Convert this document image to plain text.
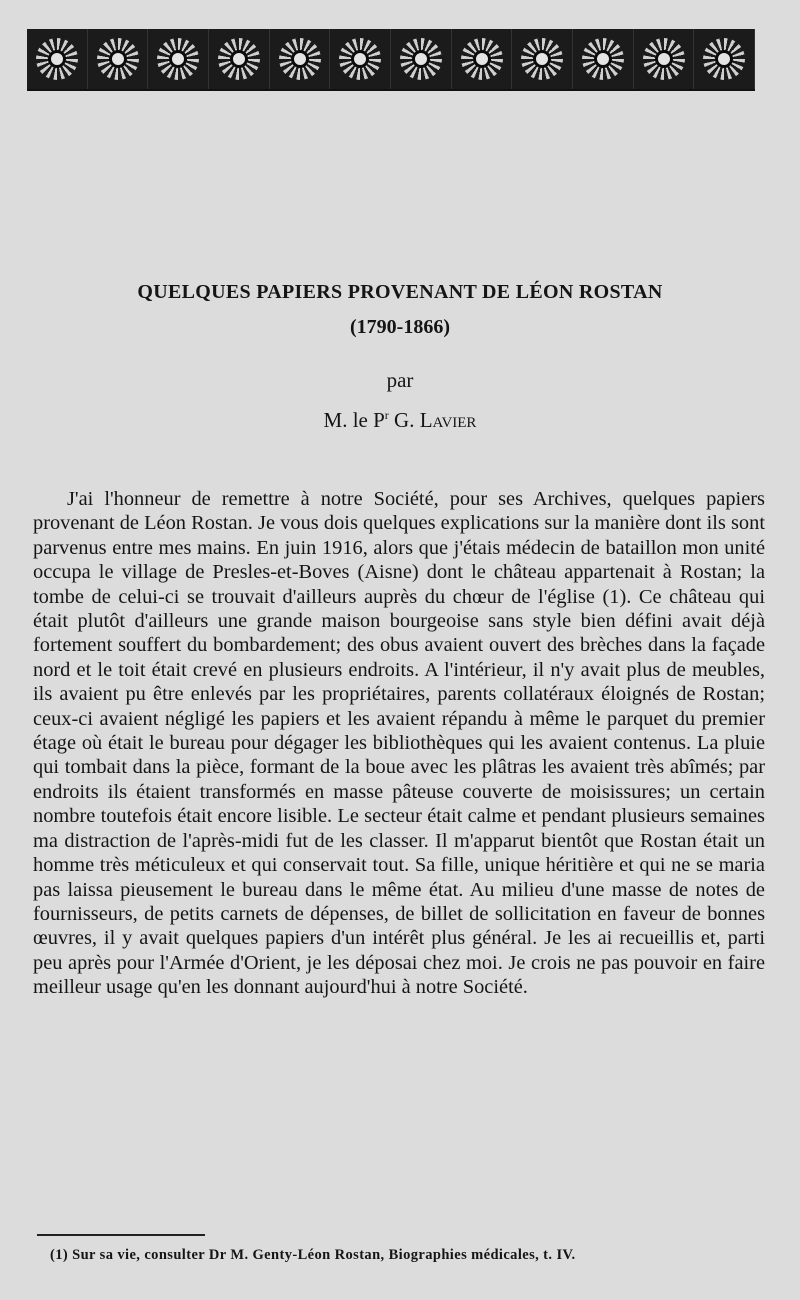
QUELQUES PAPIERS PROVENANT DE LÉON ROSTAN
(1790-1866)
par
M. le $P^r$ G. Lavier

J'ai l'honneur de remettre à notre Société, pour ses Archives, quelques papiers provenant de Léon Rostan. Je vous dois quelques explications sur la manière dont ils sont parvenus entre mes mains. En juin 1916, alors que j'étais médecin de bataillon mon unité occupa le village de Presles-et-Boves (Aisne) dont le château appartenait à Rostan; la tombe de celui-ci se trouvait d'ailleurs auprès du chœur de l'église (1). Ce château qui était plutôt d'ailleurs une grande maison bourgeoise sans style bien défini avait déjà fortement souffert du bombardement; des obus avaient ouvert des brèches dans la façade nord et le toit était crevé en plusieurs endroits. A l'intérieur, il n'y avait plus de meubles, ils avaient pu être enlevés par les propriétaires, parents collatéraux éloignés de Rostan; ceux-ci avaient négligé les papiers et les avaient répandu à même le parquet du premier étage où était le bureau pour dégager les bibliothèques qui les avaient contenus. La pluie qui tombait dans la pièce, formant de la boue avec les plâtras les avaient très abîmés; par endroits ils étaient transformés en masse pâteuse couverte de moisissures; un certain nombre toutefois était encore lisible. Le secteur était calme et pendant plusieurs semaines ma distraction de l'après-midi fut de les classer. Il m'apparut bientôt que Rostan était un homme très méticuleux et qui conservait tout. Sa fille, unique héritière et qui ne se maria pas laissa pieusement le bureau dans le même état. Au milieu d'une masse de notes de fournisseurs, de petits carnets de dépenses, de billet de sollicitation en faveur de bonnes œuvres, il y avait quelques papiers d'un intérêt plus général. Je les ai recueillis et, parti peu après pour l'Armée d'Orient, je les déposai chez moi. Je crois ne pas pouvoir en faire meilleur usage qu'en les donnant aujourd'hui à notre Société.

(1) Sur sa vie, consulter Dr M. Genty-Léon Rostan, Biographies médicales, t. IV.
